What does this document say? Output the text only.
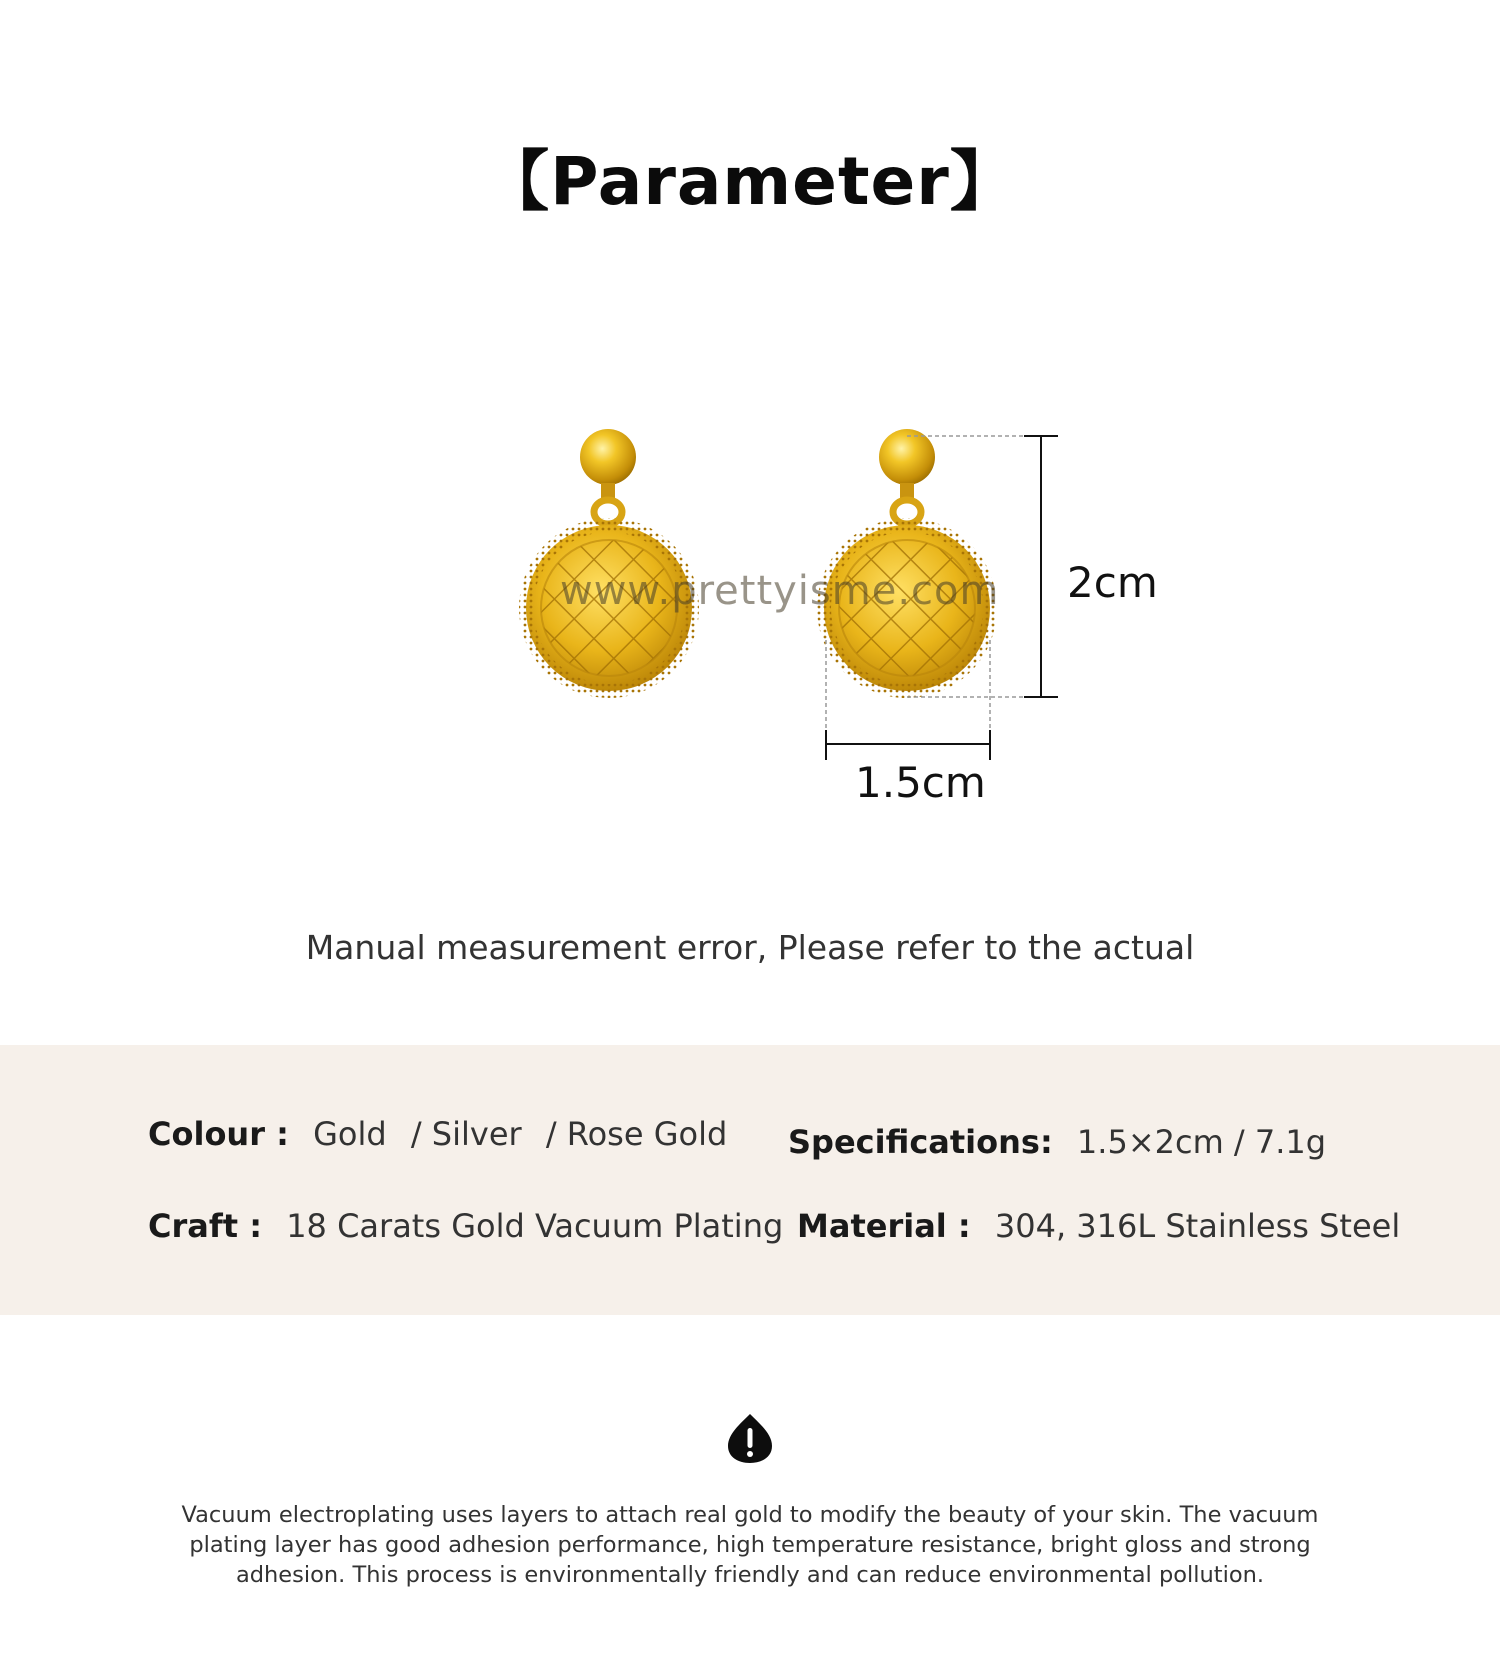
【Parameter】
www.prettyisme.com 2cm
1.5cm
Manual measurement error, Please refer to the actual
Colour : Gold / Silver / Rose Gold Specifications: 1.5×2cm / 7.1g
Craft : 18 Carats Gold Vacuum Plating Material : 304, 316L Stainless Steel
Vacuum electroplating uses layers to attach real gold to modify the beauty of your skin. The vacuum plating layer has good adhesion performance, high temperature resistance, bright gloss and strong adhesion. This process is environmentally friendly and can reduce environmental pollution.
